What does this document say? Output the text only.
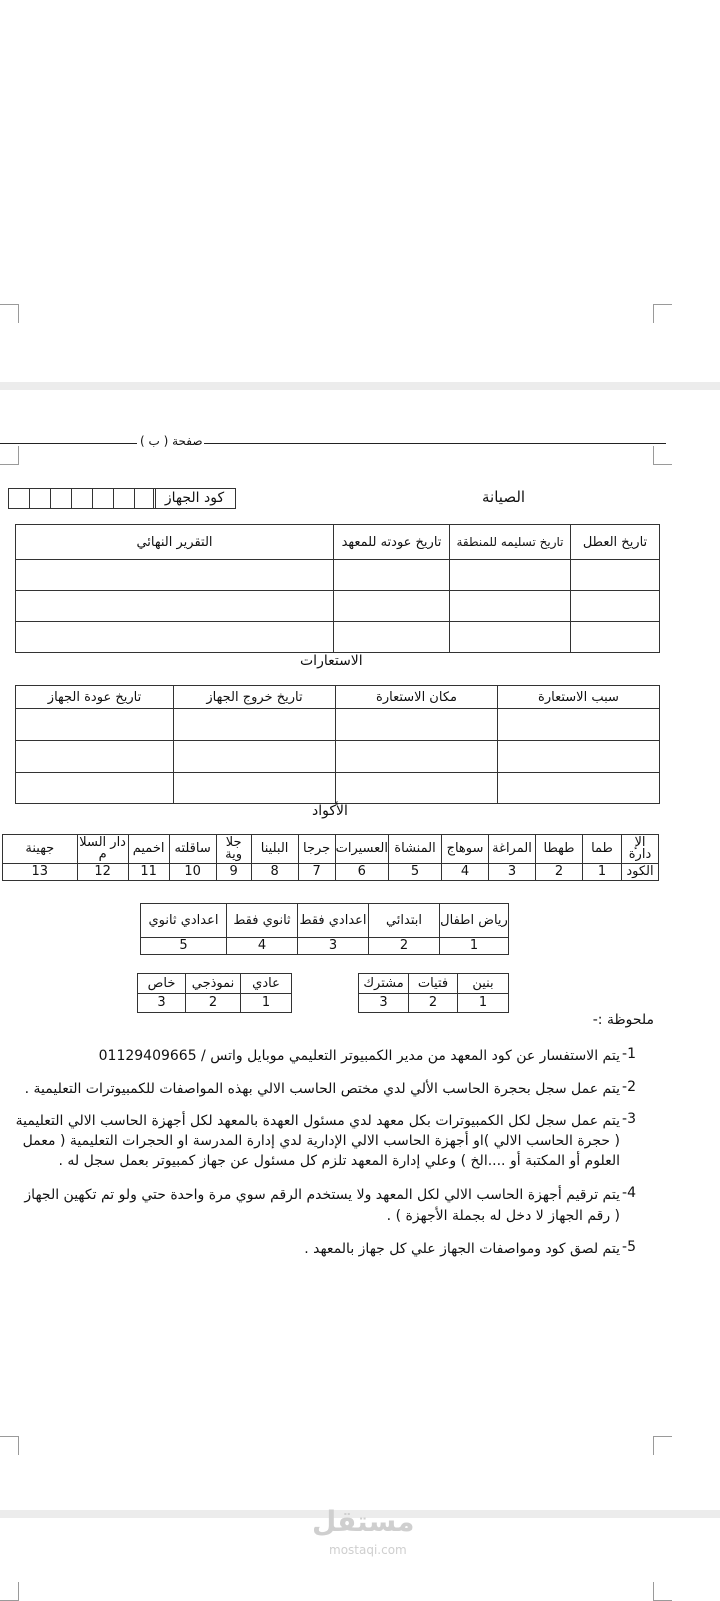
صفحة ( ب )
كود الجهاز	الصيانة
تاريخ العطل	تاريخ تسليمه للمنطقة	تاريخ عودته للمعهد	التقرير النهائي

الاستعارات
سبب الاستعارة	مكان الاستعارة	تاريخ خروج الجهاز	تاريخ عودة الجهاز

الأكواد
الإ دارة	طما	طهطا	المراغة	سوهاج	المنشاة	العسيرات	جرجا	البلينا	جلا وية	ساقلته	اخميم	دار السلا م	جهينة
الكود	1	2	3	4	5	6	7	8	9	10	11	12	13
رياض اطفال	ابتدائي	اعدادي فقط	ثانوي فقط	اعدادي ثانوي
1	2	3	4	5
بنين	فتيات	مشترك
1	2	3
عادي	نموذجي	خاص
1	2	3
ملحوظة :-
-1
يتم الاستفسار عن كود المعهد من مدير الكمبيوتر التعليمي موبايل واتس / 01129409665
-2
يتم عمل سجل بحجرة الحاسب الألي لدي مختص الحاسب الالي بهذه المواصفات للكمبيوترات التعليمية .
-3
يتم عمل سجل لكل الكمبيوترات بكل معهد لدي مسئول العهدة بالمعهد لكل أجهزة الحاسب الالي التعليمية
( حجرة الحاسب الالي )او أجهزة الحاسب الالي الإدارية لدي إدارة المدرسة او الحجرات التعليمية ( معمل
العلوم أو المكتبة أو ....الخ ) وعلي إدارة المعهد تلزم كل مسئول عن جهاز كمبيوتر بعمل سجل له .
-4
يتم ترقيم أجهزة الحاسب الالي لكل المعهد ولا يستخدم الرقم سوي مرة واحدة حتي ولو تم تكهين الجهاز
( رقم الجهاز لا دخل له بجملة الأجهزة ) .
-5
يتم لصق كود ومواصفات الجهاز علي كل جهاز بالمعهد .
مستقل
mostaqi.com
